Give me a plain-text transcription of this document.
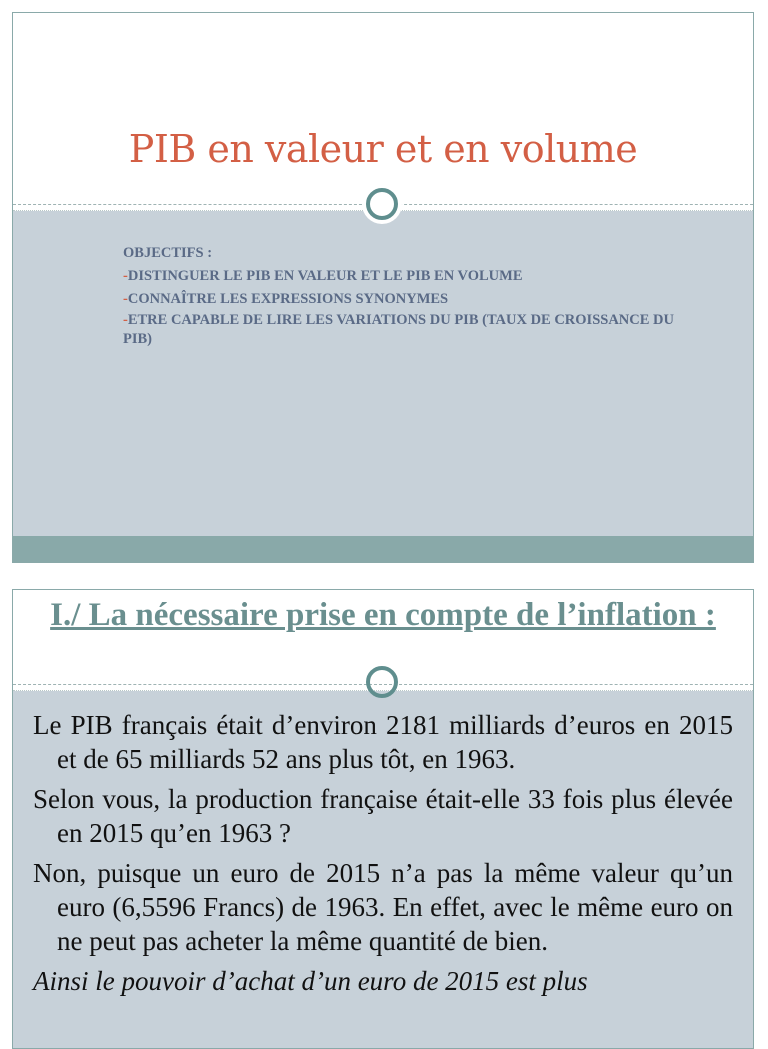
PIB en valeur et en volume
OBJECTIFS :
-DISTINGUER LE PIB EN VALEUR ET LE PIB EN VOLUME
-CONNAÎTRE LES EXPRESSIONS SYNONYMES
-ETRE CAPABLE DE LIRE LES VARIATIONS DU PIB (TAUX DE CROISSANCE DU PIB)
I./ La nécessaire prise en compte de l’inflation :

Le PIB français était d’environ 2181 milliards d’euros en 2015 et de 65 milliards 52 ans plus tôt, en 1963.

Selon vous, la production française était-elle 33 fois plus élevée en 2015 qu’en 1963 ?

Non, puisque un euro de 2015 n’a pas la même valeur qu’un euro (6,5596 Francs) de 1963. En effet, avec le même euro on ne peut pas acheter la même quantité de bien.

Ainsi le pouvoir d’achat d’un euro de 2015 est plus
